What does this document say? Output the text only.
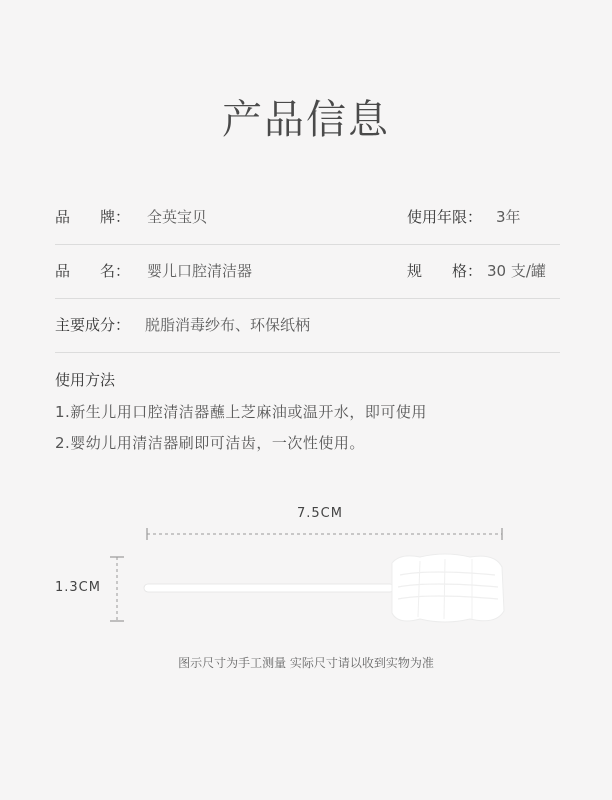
产品信息
品　　牌： 全英宝贝	使用年限： 3年
品　　名： 婴儿口腔清洁器	规　　格： 30 支/罐
主要成分： 脱脂消毒纱布、环保纸柄
使用方法
1.新生儿用口腔清洁器蘸上芝麻油或温开水，即可使用
2.婴幼儿用清洁器刷即可洁齿，一次性使用。
7.5CM
1.3CM
图示尺寸为手工测量 实际尺寸请以收到实物为准
